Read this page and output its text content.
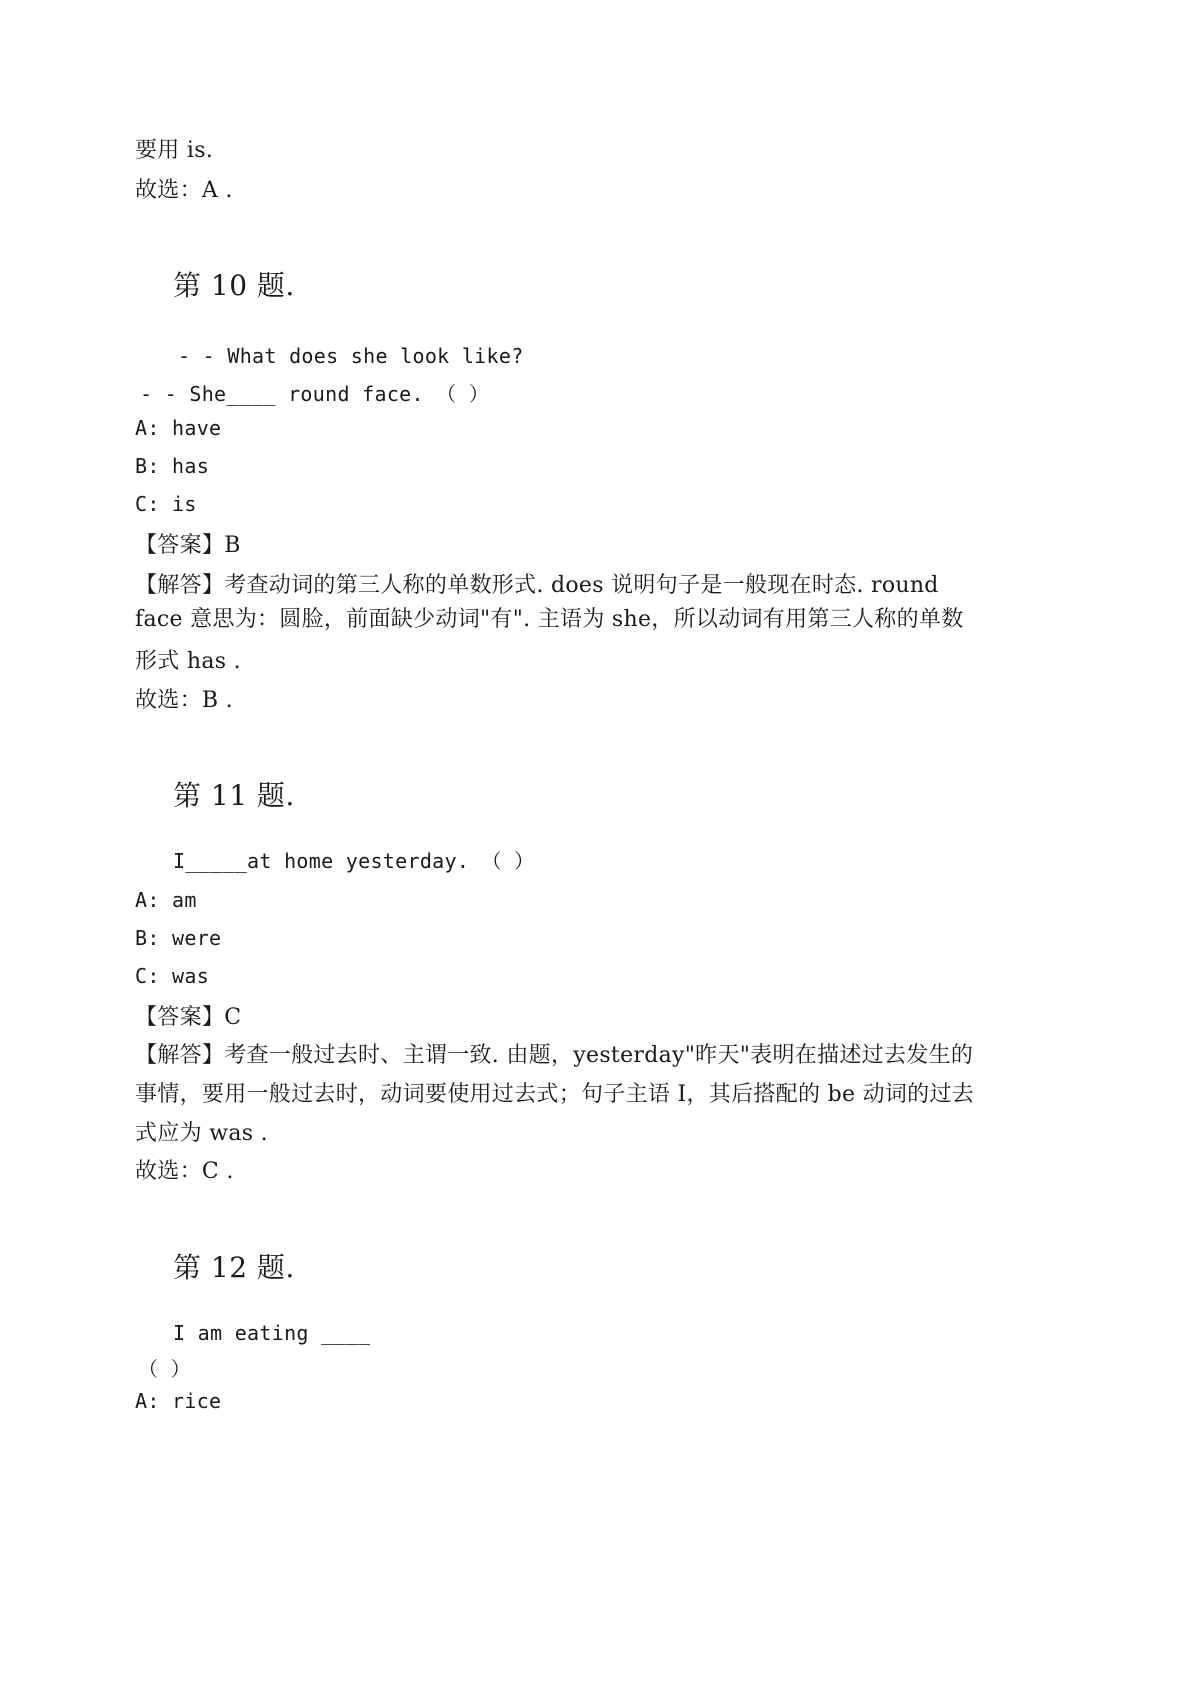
要用 is.
故选：A .
第 10 题.
- - What does she look like?
- - She____ round face. （ ）
A: have
B: has
C: is
【答案】B
【解答】考查动词的第三人称的单数形式. does 说明句子是一般现在时态. round
face 意思为：圆脸，前面缺少动词"有". 主语为 she，所以动词有用第三人称的单数
形式 has .
故选：B .
第 11 题.
I_____at home yesterday. （ ）
A: am
B: were
C: was
【答案】C
【解答】考查一般过去时、主谓一致. 由题，yesterday"昨天"表明在描述过去发生的
事情，要用一般过去时，动词要使用过去式；句子主语 I，其后搭配的 be 动词的过去
式应为 was .
故选：C .
第 12 题.
I am eating ____
（ ）
A: rice
